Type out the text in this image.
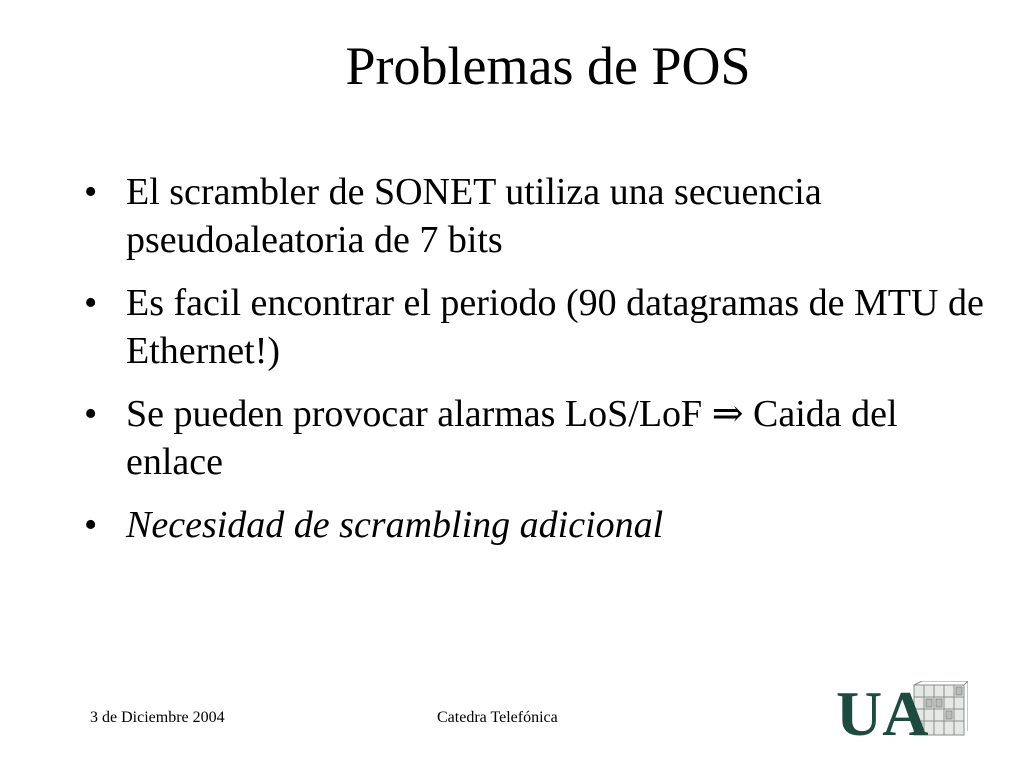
Problemas de POS
• El scrambler de SONET utiliza una secuencia pseudoaleatoria de 7 bits
• Es facil encontrar el periodo (90 datagramas de MTU de Ethernet!)
• Se pueden provocar alarmas LoS/LoF ⇒ Caida del enlace
• Necesidad de scrambling adicional
3 de Diciembre 2004	Catedra Telefónica	UA
